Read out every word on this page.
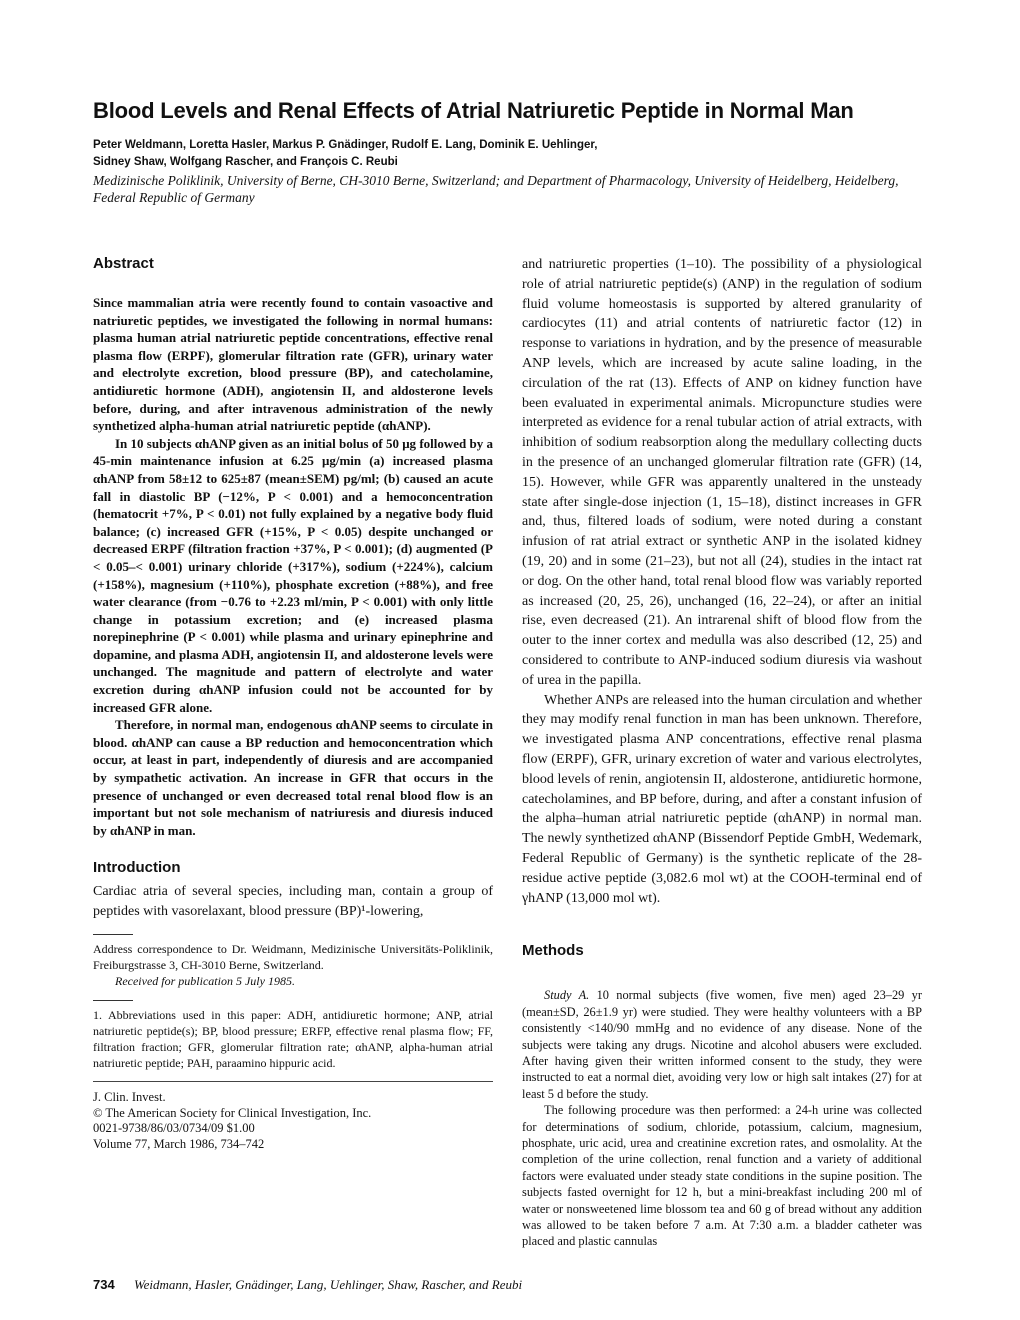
Blood Levels and Renal Effects of Atrial Natriuretic Peptide in Normal Man
Peter Weldmann, Loretta Hasler, Markus P. Gnädinger, Rudolf E. Lang, Dominik E. Uehlinger,
Sidney Shaw, Wolfgang Rascher, and François C. Reubi
Medizinische Poliklinik, University of Berne, CH-3010 Berne, Switzerland; and Department of Pharmacology, University of Heidelberg, Heidelberg, Federal Republic of Germany
Abstract

Since mammalian atria were recently found to contain vasoactive and natriuretic peptides, we investigated the following in normal humans: plasma human atrial natriuretic peptide concentrations, effective renal plasma flow (ERPF), glomerular filtration rate (GFR), urinary water and electrolyte excretion, blood pressure (BP), and catecholamine, antidiuretic hormone (ADH), angiotensin II, and aldosterone levels before, during, and after intravenous administration of the newly synthetized alpha-human atrial natriuretic peptide (αhANP).

In 10 subjects αhANP given as an initial bolus of 50 μg followed by a 45-min maintenance infusion at 6.25 μg/min (a) increased plasma αhANP from 58±12 to 625±87 (mean±SEM) pg/ml; (b) caused an acute fall in diastolic BP (−12%, P < 0.001) and a hemoconcentration (hematocrit +7%, P < 0.01) not fully explained by a negative body fluid balance; (c) increased GFR (+15%, P < 0.05) despite unchanged or decreased ERPF (filtration fraction +37%, P < 0.001); (d) augmented (P < 0.05–< 0.001) urinary chloride (+317%), sodium (+224%), calcium (+158%), magnesium (+110%), phosphate excretion (+88%), and free water clearance (from −0.76 to +2.23 ml/min, P < 0.001) with only little change in potassium excretion; and (e) increased plasma norepinephrine (P < 0.001) while plasma and urinary epinephrine and dopamine, and plasma ADH, angiotensin II, and aldosterone levels were unchanged. The magnitude and pattern of electrolyte and water excretion during αhANP infusion could not be accounted for by increased GFR alone.

Therefore, in normal man, endogenous αhANP seems to circulate in blood. αhANP can cause a BP reduction and hemoconcentration which occur, at least in part, independently of diuresis and are accompanied by sympathetic activation. An increase in GFR that occurs in the presence of unchanged or even decreased total renal blood flow is an important but not sole mechanism of natriuresis and diuresis induced by αhANP in man.

Introduction

Cardiac atria of several species, including man, contain a group of peptides with vasorelaxant, blood pressure (BP)¹-lowering,

Address correspondence to Dr. Weidmann, Medizinische Universitäts-Poliklinik, Freiburgstrasse 3, CH-3010 Berne, Switzerland.

Received for publication 5 July 1985.

1. Abbreviations used in this paper: ADH, antidiuretic hormone; ANP, atrial natriuretic peptide(s); BP, blood pressure; ERFP, effective renal plasma flow; FF, filtration fraction; GFR, glomerular filtration rate; αhANP, alpha-human atrial natriuretic peptide; PAH, paraamino hippuric acid.

J. Clin. Invest.

© The American Society for Clinical Investigation, Inc.

0021-9738/86/03/0734/09 $1.00

Volume 77, March 1986, 734–742

and natriuretic properties (1–10). The possibility of a physiological role of atrial natriuretic peptide(s) (ANP) in the regulation of sodium fluid volume homeostasis is supported by altered granularity of cardiocytes (11) and atrial contents of natriuretic factor (12) in response to variations in hydration, and by the presence of measurable ANP levels, which are increased by acute saline loading, in the circulation of the rat (13). Effects of ANP on kidney function have been evaluated in experimental animals. Micropuncture studies were interpreted as evidence for a renal tubular action of atrial extracts, with inhibition of sodium reabsorption along the medullary collecting ducts in the presence of an unchanged glomerular filtration rate (GFR) (14, 15). However, while GFR was apparently unaltered in the unsteady state after single-dose injection (1, 15–18), distinct increases in GFR and, thus, filtered loads of sodium, were noted during a constant infusion of rat atrial extract or synthetic ANP in the isolated kidney (19, 20) and in some (21–23), but not all (24), studies in the intact rat or dog. On the other hand, total renal blood flow was variably reported as increased (20, 25, 26), unchanged (16, 22–24), or after an initial rise, even decreased (21). An intrarenal shift of blood flow from the outer to the inner cortex and medulla was also described (12, 25) and considered to contribute to ANP-induced sodium diuresis via washout of urea in the papilla.

Whether ANPs are released into the human circulation and whether they may modify renal function in man has been unknown. Therefore, we investigated plasma ANP concentrations, effective renal plasma flow (ERPF), GFR, urinary excretion of water and various electrolytes, blood levels of renin, angiotensin II, aldosterone, antidiuretic hormone, catecholamines, and BP before, during, and after a constant infusion of the alpha–human atrial natriuretic peptide (αhANP) in normal man. The newly synthetized αhANP (Bissendorf Peptide GmbH, Wedemark, Federal Republic of Germany) is the synthetic replicate of the 28-residue active peptide (3,082.6 mol wt) at the COOH-terminal end of γhANP (13,000 mol wt).

Methods

Study A. 10 normal subjects (five women, five men) aged 23–29 yr (mean±SD, 26±1.9 yr) were studied. They were healthy volunteers with a BP consistently <140/90 mmHg and no evidence of any disease. None of the subjects were taking any drugs. Nicotine and alcohol abusers were excluded. After having given their written informed consent to the study, they were instructed to eat a normal diet, avoiding very low or high salt intakes (27) for at least 5 d before the study.

The following procedure was then performed: a 24-h urine was collected for determinations of sodium, chloride, potassium, calcium, magnesium, phosphate, uric acid, urea and creatinine excretion rates, and osmolality. At the completion of the urine collection, renal function and a variety of additional factors were evaluated under steady state conditions in the supine position. The subjects fasted overnight for 12 h, but a mini-breakfast including 200 ml of water or nonsweetened lime blossom tea and 60 g of bread without any addition was allowed to be taken before 7 a.m. At 7:30 a.m. a bladder catheter was placed and plastic cannulas

734 Weidmann, Hasler, Gnädinger, Lang, Uehlinger, Shaw, Rascher, and Reubi
